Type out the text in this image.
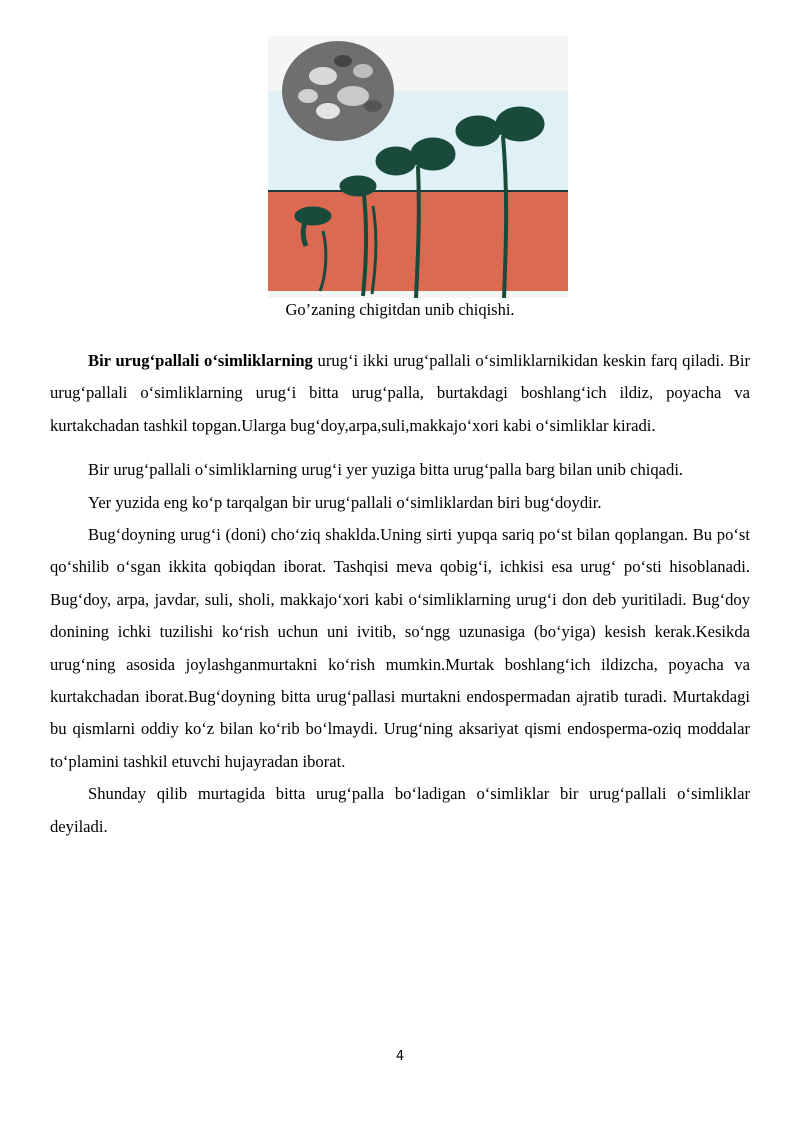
Go’zaning chigitdan unib chiqishi.

Bir urug‘pallali o‘simliklarning urug‘i ikki urug‘pallali o‘simliklarnikidan keskin farq qiladi. Bir urug‘pallali o‘simliklarning urug‘i bitta urug‘palla, burtakdagi boshlang‘ich ildiz, poyacha va kurtakchadan tashkil topgan.Ularga bug‘doy,arpa,suli,makkajo‘xori kabi o‘simliklar kiradi.

Bir urug‘pallali o‘simliklarning urug‘i yer yuziga bitta urug‘palla barg bilan unib chiqadi.

Yer yuzida eng ko‘p tarqalgan bir urug‘pallali o‘simliklardan biri bug‘doydir.

Bug‘doyning urug‘i (doni) cho‘ziq shaklda.Uning sirti yupqa sariq po‘st bilan qoplangan. Bu po‘st qo‘shilib o‘sgan ikkita qobiqdan iborat. Tashqisi meva qobig‘i, ichkisi esa urug‘ po‘sti hisoblanadi. Bug‘doy, arpa, javdar, suli, sholi, makkajo‘xori kabi o‘simliklarning urug‘i don deb yuritiladi. Bug‘doy donining ichki tuzilishi ko‘rish uchun uni ivitib, so‘ngg uzunasiga (bo‘yiga) kesish kerak.Kesikda urug‘ning asosida joylashganmurtakni ko‘rish mumkin.Murtak boshlang‘ich ildizcha, poyacha va kurtakchadan iborat.Bug‘doyning bitta urug‘pallasi murtakni endospermadan ajratib turadi. Murtakdagi bu qismlarni oddiy ko‘z bilan ko‘rib bo‘lmaydi. Urug‘ning aksariyat qismi endosperma-oziq moddalar to‘plamini tashkil etuvchi hujayradan iborat.

Shunday qilib murtagida bitta urug‘palla bo‘ladigan o‘simliklar bir urug‘pallali o‘simliklar deyiladi.

4
